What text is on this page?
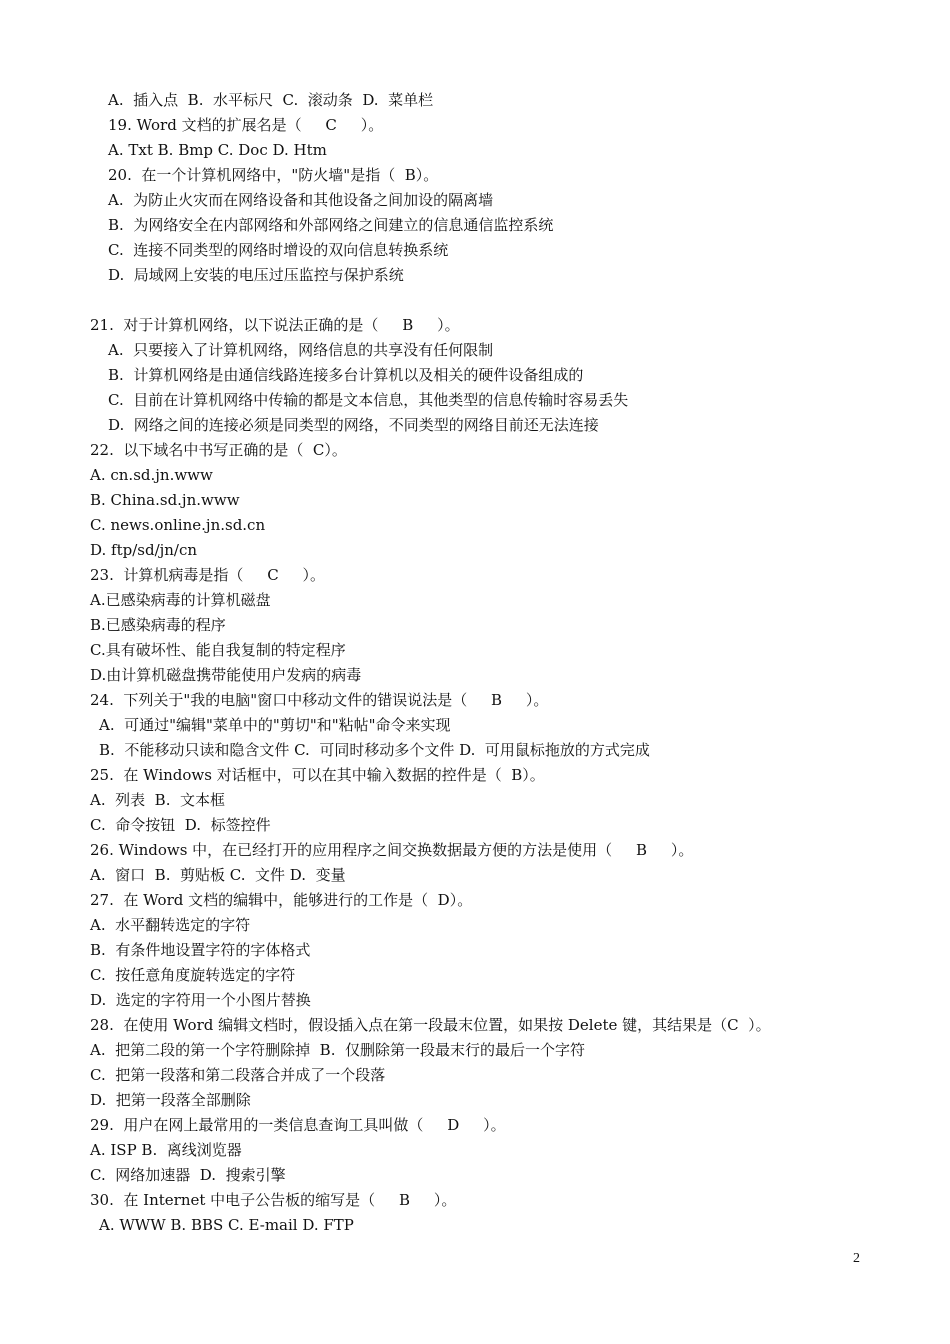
A.  插入点  B.  水平标尺  C.  滚动条  D.  菜单栏
19. Word 文档的扩展名是（     C     ）。
A. Txt B. Bmp C. Doc D. Htm
20.  在一个计算机网络中，"防火墙"是指（  B）。
A.  为防止火灾而在网络设备和其他设备之间加设的隔离墙
B.  为网络安全在内部网络和外部网络之间建立的信息通信监控系统
C.  连接不同类型的网络时增设的双向信息转换系统
D.  局域网上安装的电压过压监控与保护系统
21.  对于计算机网络，以下说法正确的是（     B     ）。
A.  只要接入了计算机网络，网络信息的共享没有任何限制
B.  计算机网络是由通信线路连接多台计算机以及相关的硬件设备组成的
C.  目前在计算机网络中传输的都是文本信息，其他类型的信息传输时容易丢失
D.  网络之间的连接必须是同类型的网络，不同类型的网络目前还无法连接
22.  以下域名中书写正确的是（  C）。
A. cn.sd.jn.www
B. China.sd.jn.www
C. news.online.jn.sd.cn
D. ftp/sd/jn/cn
23.  计算机病毒是指（     C     ）。
A.已感染病毒的计算机磁盘
B.已感染病毒的程序
C.具有破坏性、能自我复制的特定程序
D.由计算机磁盘携带能使用户发病的病毒
24.  下列关于"我的电脑"窗口中移动文件的错误说法是（     B     ）。
A.  可通过"编辑"菜单中的"剪切"和"粘帖"命令来实现
B.  不能移动只读和隐含文件 C.  可同时移动多个文件 D.  可用鼠标拖放的方式完成
25.  在 Windows 对话框中，可以在其中输入数据的控件是（  B）。
A.  列表  B.  文本框
C.  命令按钮  D.  标签控件
26. Windows 中，在已经打开的应用程序之间交换数据最方便的方法是使用（     B     ）。
A.  窗口  B.  剪贴板 C.  文件 D.  变量
27.  在 Word 文档的编辑中，能够进行的工作是（  D）。
A.  水平翻转选定的字符
B.  有条件地设置字符的字体格式
C.  按任意角度旋转选定的字符
D.  选定的字符用一个小图片替换
28.  在使用 Word 编辑文档时，假设插入点在第一段最末位置，如果按 Delete 键，其结果是（C  ）。
A.  把第二段的第一个字符删除掉  B.  仅删除第一段最末行的最后一个字符
C.  把第一段落和第二段落合并成了一个段落
D.  把第一段落全部删除
29.  用户在网上最常用的一类信息查询工具叫做（     D     ）。
A. ISP B.  离线浏览器
C.  网络加速器  D.  搜索引擎
30.  在 Internet 中电子公告板的缩写是（     B     ）。
A. WWW B. BBS C. E-mail D. FTP
2
